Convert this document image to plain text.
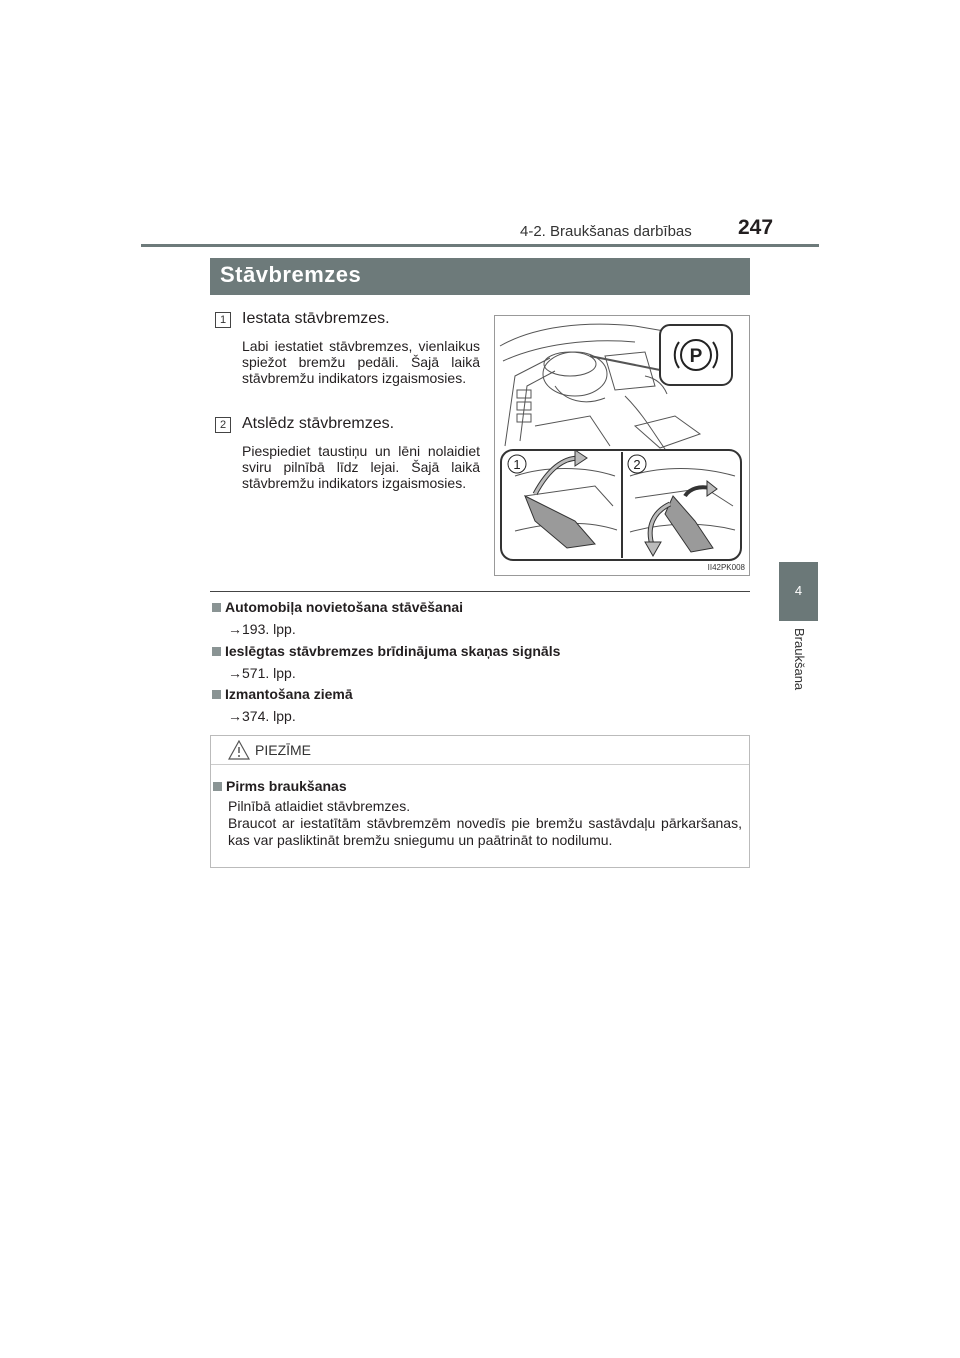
4-2. Braukšanas darbības 247
4
Braukšana
Stāvbremzes
1 Iestata stāvbremzes.
Labi iestatiet stāvbremzes, vienlaikus spiežot bremžu pedāli. Šajā laikā stāvbremžu indikators izgaismosies.
2 Atslēdz stāvbremzes.
Piespiediet taustiņu un lēni nolaidiet sviru pilnībā līdz lejai. Šajā laikā stāvbremžu indikators izgaismosies.
P
1	2
II42PK008
Automobiļa novietošana stāvēšanai
→193. lpp.
Ieslēgtas stāvbremzes brīdinājuma skaņas signāls
→571. lpp.
Izmantošana ziemā
→374. lpp.
PIEZĪME
Pirms braukšanas
Pilnībā atlaidiet stāvbremzes.
Braucot ar iestatītām stāvbremzēm novedīs pie bremžu sastāvdaļu pārkaršanas, kas var pasliktināt bremžu sniegumu un paātrināt to nodilumu.
